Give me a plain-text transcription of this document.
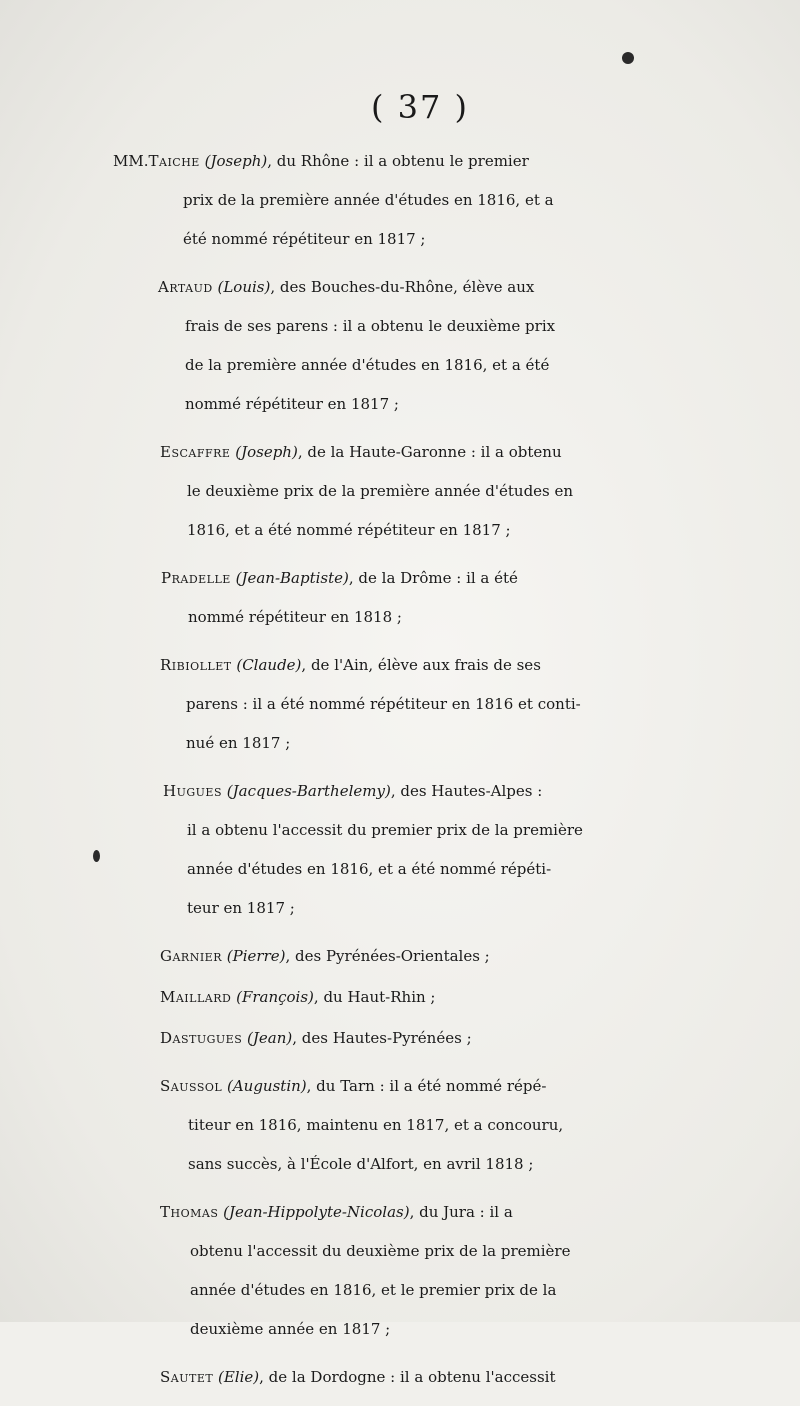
( 37 )
MM.Taiche (Joseph), du Rhône : il a obtenu le premier
prix de la première année d'études en 1816, et a
été nommé répétiteur en 1817 ;
Artaud (Louis), des Bouches-du-Rhône, élève aux
frais de ses parens : il a obtenu le deuxième prix
de la première année d'études en 1816, et a été
nommé répétiteur en 1817 ;
Escaffre (Joseph), de la Haute-Garonne : il a obtenu
le deuxième prix de la première année d'études en
1816, et a été nommé répétiteur en 1817 ;
Pradelle (Jean-Baptiste), de la Drôme : il a été
nommé répétiteur en 1818 ;
Ribiollet (Claude), de l'Ain, élève aux frais de ses
parens : il a été nommé répétiteur en 1816 et conti-
nué en 1817 ;
Hugues (Jacques-Barthelemy), des Hautes-Alpes :
il a obtenu l'accessit du premier prix de la première
année d'études en 1816, et a été nommé répéti-
teur en 1817 ;
Garnier (Pierre), des Pyrénées-Orientales ;
Maillard (François), du Haut-Rhin ;
Dastugues (Jean), des Hautes-Pyrénées ;
Saussol (Augustin), du Tarn : il a été nommé répé-
titeur en 1816, maintenu en 1817, et a concouru,
sans succès, à l'École d'Alfort, en avril 1818 ;
Thomas (Jean-Hippolyte-Nicolas), du Jura : il a
obtenu l'accessit du deuxième prix de la première
année d'études en 1816, et le premier prix de la
deuxième année en 1817 ;
Sautet (Elie), de la Dordogne : il a obtenu l'accessit
